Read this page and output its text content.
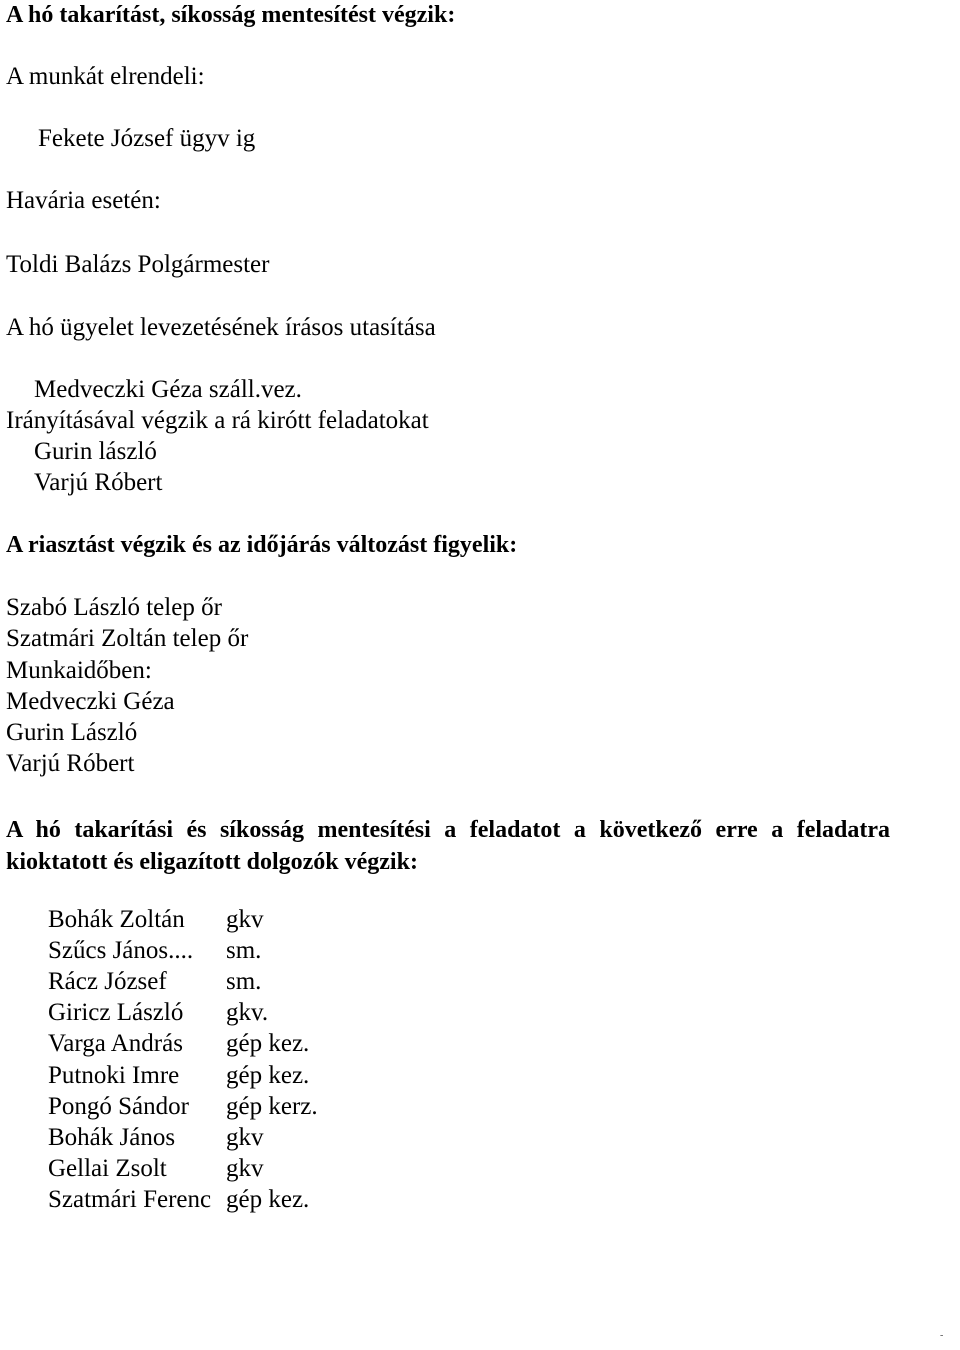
A hó takarítást, síkosság mentesítést végzik:
A munkát elrendeli:
Fekete József ügyv ig
Havária esetén:
Toldi Balázs Polgármester
A hó ügyelet levezetésének írásos utasítása
Medveczki Géza száll.vez.
Irányításával végzik a rá kirótt feladatokat
Gurin lászló
Varjú Róbert
A riasztást végzik és az időjárás változást figyelik:
Szabó László telep őr
Szatmári Zoltán telep őr
Munkaidőben:
Medveczki Géza
Gurin László
Varjú Róbert
A hó takarítási és síkosság mentesítési a feladatot a következő erre a feladatra kioktatott és eligazított dolgozók végzik:
Bohák Zoltán	gkv
Szűcs János....	sm.
Rácz József	sm.
Giricz László	gkv.
Varga András	gép kez.
Putnoki Imre	gép kez.
Pongó Sándor	gép kerz.
Bohák János	gkv
Gellai Zsolt	gkv
Szatmári Ferenc	gép kez.
-
